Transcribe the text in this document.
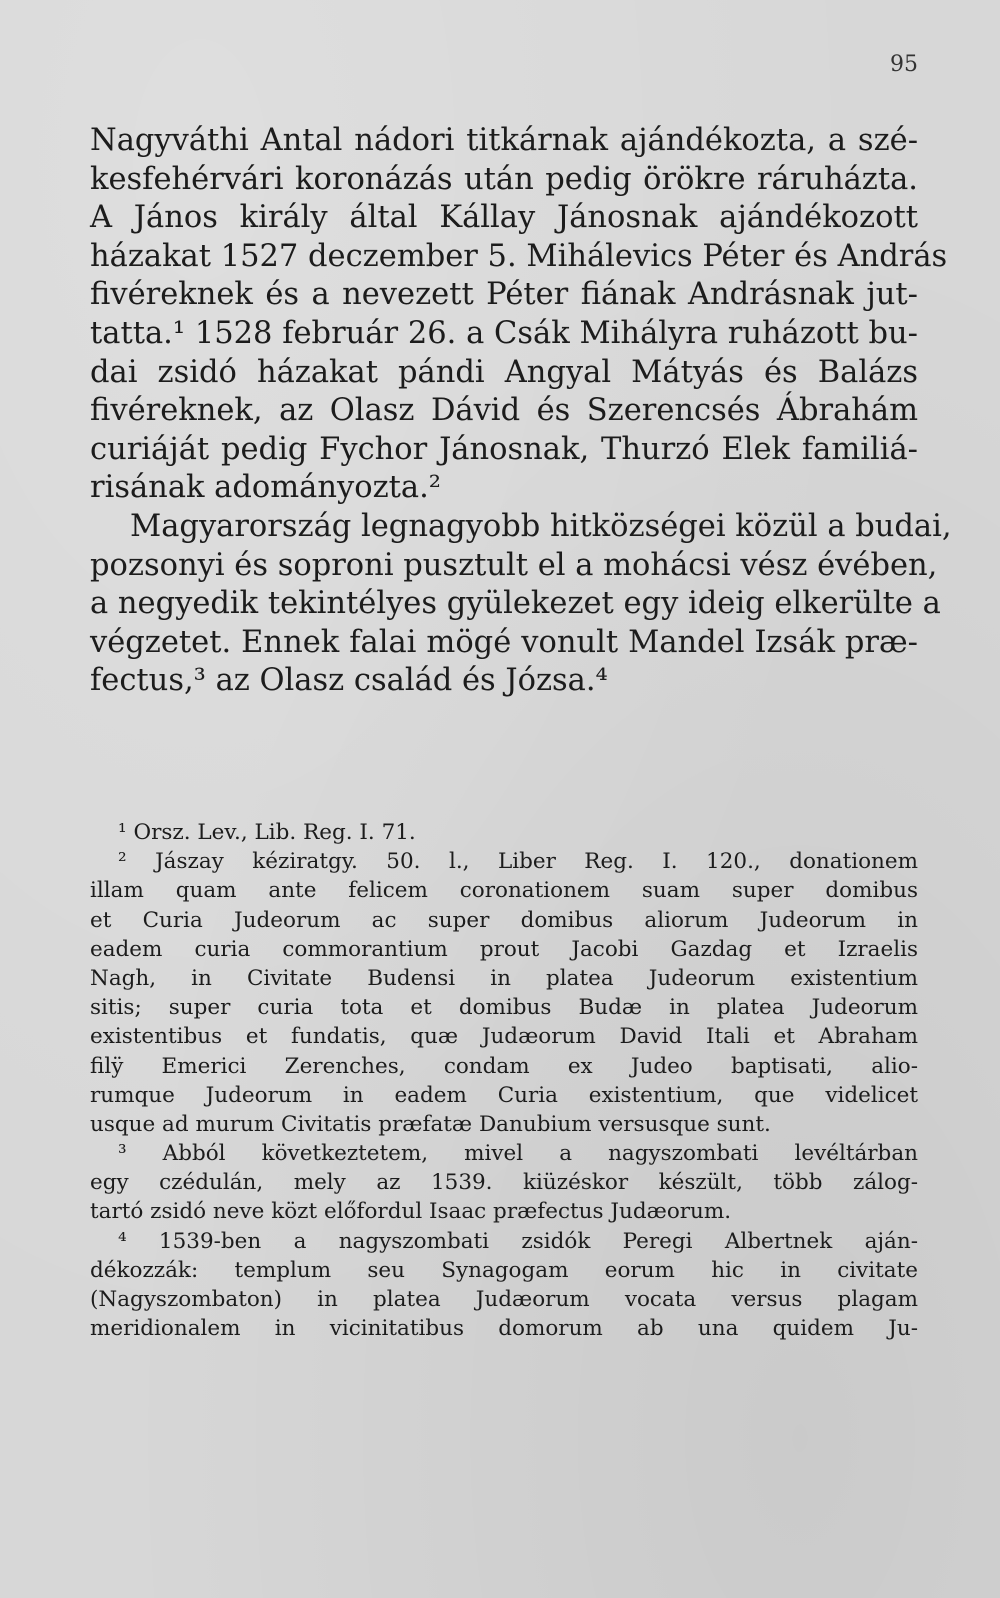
95
Nagyváthi Antal nádori titkárnak ajándékozta, a szé-
kesfehérvári koronázás után pedig örökre ráruházta.
A János király által Kállay Jánosnak ajándékozott
házakat 1527 deczember 5. Mihálevics Péter és András
fivéreknek és a nevezett Péter fiának Andrásnak jut-
tatta.¹ 1528 február 26. a Csák Mihályra ruházott bu-
dai zsidó házakat pándi Angyal Mátyás és Balázs
fivéreknek, az Olasz Dávid és Szerencsés Ábrahám
curiáját pedig Fychor Jánosnak, Thurzó Elek familiá-
risának adományozta.²
Magyarország legnagyobb hitközségei közül a budai,
pozsonyi és soproni pusztult el a mohácsi vész évében,
a negyedik tekintélyes gyülekezet egy ideig elkerülte a
végzetet. Ennek falai mögé vonult Mandel Izsák præ-
fectus,³ az Olasz család és Józsa.⁴
¹ Orsz. Lev., Lib. Reg. I. 71.
² Jászay kéziratgy. 50. l., Liber Reg. I. 120., donationem
illam quam ante felicem coronationem suam super domibus
et Curia Judeorum ac super domibus aliorum Judeorum in
eadem curia commorantium prout Jacobi Gazdag et Izraelis
Nagh, in Civitate Budensi in platea Judeorum existentium
sitis; super curia tota et domibus Budæ in platea Judeorum
existentibus et fundatis, quæ Judæorum David Itali et Abraham
filÿ Emerici Zerenches, condam ex Judeo baptisati, alio-
rumque Judeorum in eadem Curia existentium, que videlicet
usque ad murum Civitatis præfatæ Danubium versusque sunt.
³ Abból következtetem, mivel a nagyszombati levéltárban
egy czédulán, mely az 1539. kiüzéskor készült, több zálog-
tartó zsidó neve közt előfordul Isaac præfectus Judæorum.
⁴ 1539-ben a nagyszombati zsidók Peregi Albertnek aján-
dékozzák: templum seu Synagogam eorum hic in civitate
(Nagyszombaton) in platea Judæorum vocata versus plagam
meridionalem in vicinitatibus domorum ab una quidem Ju-
